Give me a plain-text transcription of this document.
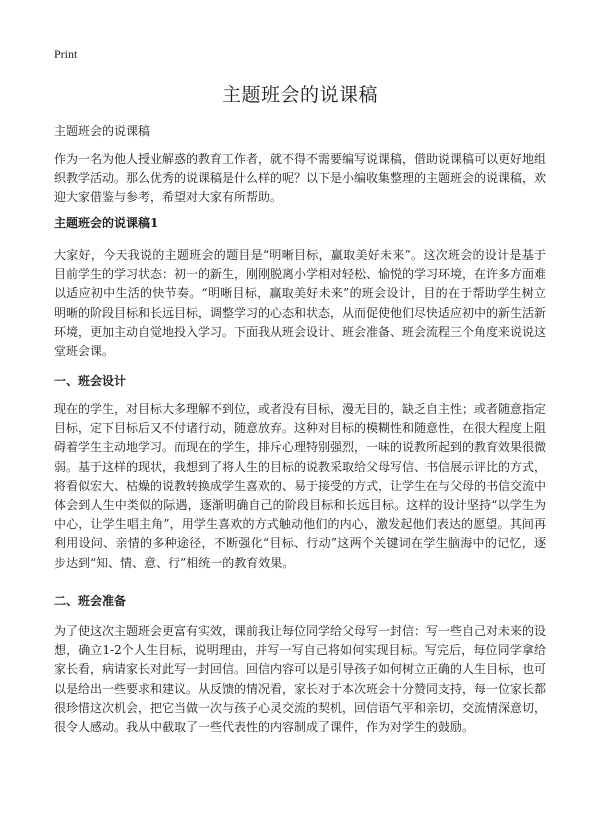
Print
主题班会的说课稿

主题班会的说课稿

作为一名为他人授业解惑的教育工作者，就不得不需要编写说课稿，借助说课稿可以更好地组织教学活动。那么优秀的说课稿是什么样的呢？以下是小编收集整理的主题班会的说课稿，欢迎大家借鉴与参考，希望对大家有所帮助。

主题班会的说课稿1

大家好，今天我说的主题班会的题目是“明晰目标，赢取美好未来”。这次班会的设计是基于目前学生的学习状态：初一的新生，刚刚脱离小学相对轻松、愉悦的学习环境，在许多方面难以适应初中生活的快节奏。“明晰目标，赢取美好未来”的班会设计，目的在于帮助学生树立明晰的阶段目标和长远目标，调整学习的心态和状态，从而促使他们尽快适应初中的新生活新环境，更加主动自觉地投入学习。下面我从班会设计、班会准备、班会流程三个角度来说说这堂班会课。

一、班会设计

现在的学生，对目标大多理解不到位，或者没有目标，漫无目的，缺乏自主性；或者随意指定目标，定下目标后又不付诸行动，随意放弃。这种对目标的模糊性和随意性，在很大程度上阻碍着学生主动地学习。而现在的学生，排斥心理特别强烈，一味的说教所起到的教育效果很微弱。基于这样的现状，我想到了将人生的目标的说教采取给父母写信、书信展示评比的方式，将看似宏大、枯燥的说教转换成学生喜欢的、易于接受的方式，让学生在与父母的书信交流中体会到人生中类似的际遇，逐渐明确自己的阶段目标和长远目标。这样的设计坚持“以学生为中心，让学生唱主角”，用学生喜欢的方式触动他们的内心，激发起他们表达的愿望。其间再利用设问、亲情的多种途径，不断强化“目标、行动”这两个关键词在学生脑海中的记忆，逐步达到“知、情、意、行”相统一的教育效果。

二、班会准备

为了使这次主题班会更富有实效，课前我让每位同学给父母写一封信：写一些自己对未来的设想，确立1-2个人生目标，说明理由，并写一写自己将如何实现目标。写完后，每位同学拿给家长看，病请家长对此写一封回信。回信内容可以是引导孩子如何树立正确的人生目标，也可以是给出一些要求和建议。从反馈的情况看，家长对于本次班会十分赞同支持，每一位家长都很珍惜这次机会，把它当做一次与孩子心灵交流的契机，回信语气平和亲切，交流情深意切，很令人感动。我从中截取了一些代表性的内容制成了课件，作为对学生的鼓励。
